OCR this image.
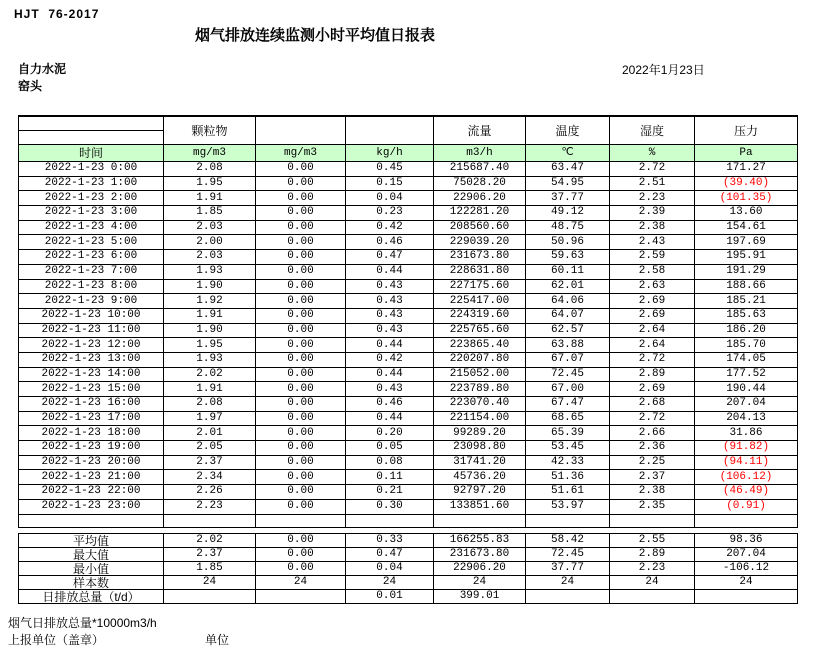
HJT  76-2017
烟气排放连续监测小时平均值日报表
自力水泥
窑头
2022年1月23日
	颗粒物			流量	温度	湿度	压力
时间	mg/m3	mg/m3	kg/h	m3/h	℃	%	Pa
2022-1-23 0:00	2.08	0.00	0.45	215687.40	63.47	2.72	171.27
2022-1-23 1:00	1.95	0.00	0.15	75028.20	54.95	2.51	(39.40)
2022-1-23 2:00	1.91	0.00	0.04	22906.20	37.77	2.23	(101.35)
2022-1-23 3:00	1.85	0.00	0.23	122281.20	49.12	2.39	13.60
2022-1-23 4:00	2.03	0.00	0.42	208560.60	48.75	2.38	154.61
2022-1-23 5:00	2.00	0.00	0.46	229039.20	50.96	2.43	197.69
2022-1-23 6:00	2.03	0.00	0.47	231673.80	59.63	2.59	195.91
2022-1-23 7:00	1.93	0.00	0.44	228631.80	60.11	2.58	191.29
2022-1-23 8:00	1.90	0.00	0.43	227175.60	62.01	2.63	188.66
2022-1-23 9:00	1.92	0.00	0.43	225417.00	64.06	2.69	185.21
2022-1-23 10:00	1.91	0.00	0.43	224319.60	64.07	2.69	185.63
2022-1-23 11:00	1.90	0.00	0.43	225765.60	62.57	2.64	186.20
2022-1-23 12:00	1.95	0.00	0.44	223865.40	63.88	2.64	185.70
2022-1-23 13:00	1.93	0.00	0.42	220207.80	67.07	2.72	174.05
2022-1-23 14:00	2.02	0.00	0.44	215052.00	72.45	2.89	177.52
2022-1-23 15:00	1.91	0.00	0.43	223789.80	67.00	2.69	190.44
2022-1-23 16:00	2.08	0.00	0.46	223070.40	67.47	2.68	207.04
2022-1-23 17:00	1.97	0.00	0.44	221154.00	68.65	2.72	204.13
2022-1-23 18:00	2.01	0.00	0.20	99289.20	65.39	2.66	31.86
2022-1-23 19:00	2.05	0.00	0.05	23098.80	53.45	2.36	(91.82)
2022-1-23 20:00	2.37	0.00	0.08	31741.20	42.33	2.25	(94.11)
2022-1-23 21:00	2.34	0.00	0.11	45736.20	51.36	2.37	(106.12)
2022-1-23 22:00	2.26	0.00	0.21	92797.20	51.61	2.38	(46.49)
2022-1-23 23:00	2.23	0.00	0.30	133851.60	53.97	2.35	(0.91)

平均值	2.02	0.00	0.33	166255.83	58.42	2.55	98.36
最大值	2.37	0.00	0.47	231673.80	72.45	2.89	207.04
最小值	1.85	0.00	0.04	22906.20	37.77	2.23	-106.12
样本数	24	24	24	24	24	24	24
日排放总量（t/d）			0.01	399.01			
烟气日排放总量*10000m3/h
上报单位（盖章）	单位
